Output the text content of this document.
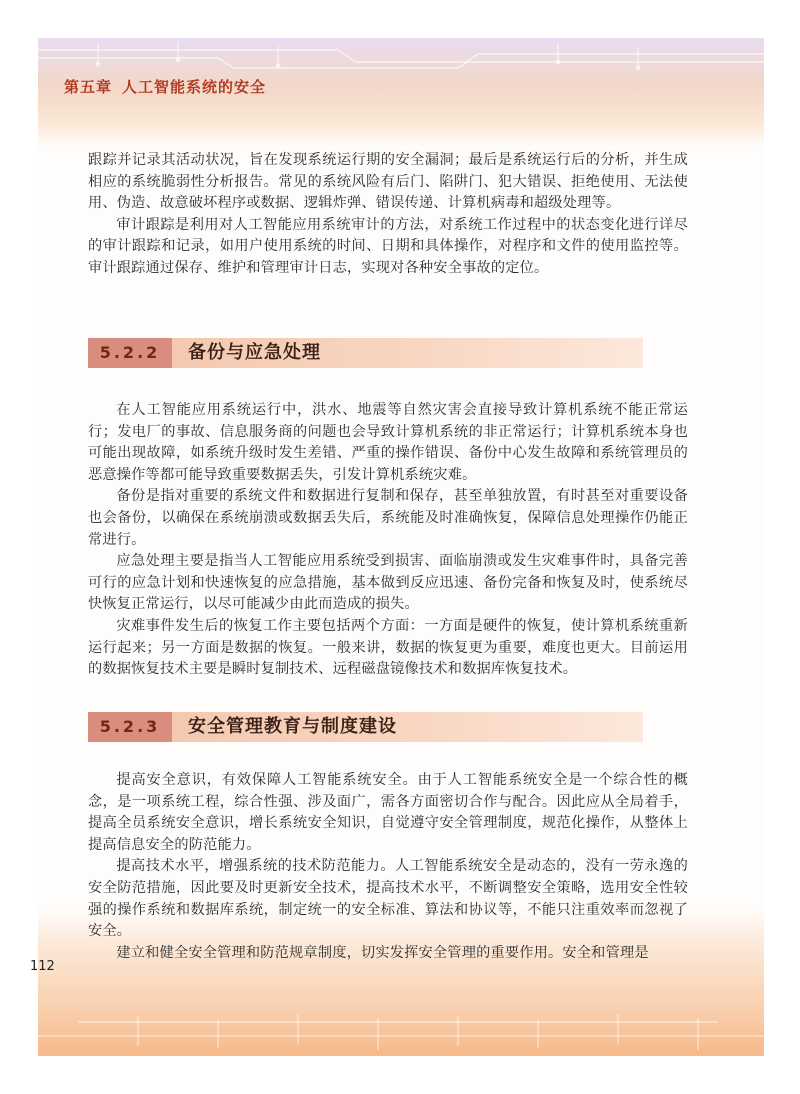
第五章 人工智能系统的安全
112

跟踪并记录其活动状况，旨在发现系统运行期的安全漏洞；最后是系统运行后的分析，并生成相应的系统脆弱性分析报告。常见的系统风险有后门、陷阱门、犯大错误、拒绝使用、无法使用、伪造、故意破坏程序或数据、逻辑炸弹、错误传递、计算机病毒和超级处理等。

审计跟踪是利用对人工智能应用系统审计的方法，对系统工作过程中的状态变化进行详尽的审计跟踪和记录，如用户使用系统的时间、日期和具体操作，对程序和文件的使用监控等。审计跟踪通过保存、维护和管理审计日志，实现对各种安全事故的定位。

5.2.2	备份与应急处理

在人工智能应用系统运行中，洪水、地震等自然灾害会直接导致计算机系统不能正常运行；发电厂的事故、信息服务商的问题也会导致计算机系统的非正常运行；计算机系统本身也可能出现故障，如系统升级时发生差错、严重的操作错误、备份中心发生故障和系统管理员的恶意操作等都可能导致重要数据丢失，引发计算机系统灾难。

备份是指对重要的系统文件和数据进行复制和保存，甚至单独放置，有时甚至对重要设备也会备份，以确保在系统崩溃或数据丢失后，系统能及时准确恢复，保障信息处理操作仍能正常进行。

应急处理主要是指当人工智能应用系统受到损害、面临崩溃或发生灾难事件时，具备完善可行的应急计划和快速恢复的应急措施，基本做到反应迅速、备份完备和恢复及时，使系统尽快恢复正常运行，以尽可能减少由此而造成的损失。

灾难事件发生后的恢复工作主要包括两个方面：一方面是硬件的恢复，使计算机系统重新运行起来；另一方面是数据的恢复。一般来讲，数据的恢复更为重要，难度也更大。目前运用的数据恢复技术主要是瞬时复制技术、远程磁盘镜像技术和数据库恢复技术。

5.2.3	安全管理教育与制度建设

提高安全意识，有效保障人工智能系统安全。由于人工智能系统安全是一个综合性的概念，是一项系统工程，综合性强、涉及面广，需各方面密切合作与配合。因此应从全局着手，提高全员系统安全意识，增长系统安全知识，自觉遵守安全管理制度，规范化操作，从整体上提高信息安全的防范能力。

提高技术水平，增强系统的技术防范能力。人工智能系统安全是动态的，没有一劳永逸的安全防范措施，因此要及时更新安全技术，提高技术水平，不断调整安全策略，选用安全性较强的操作系统和数据库系统，制定统一的安全标准、算法和协议等，不能只注重效率而忽视了安全。

建立和健全安全管理和防范规章制度，切实发挥安全管理的重要作用。安全和管理是
